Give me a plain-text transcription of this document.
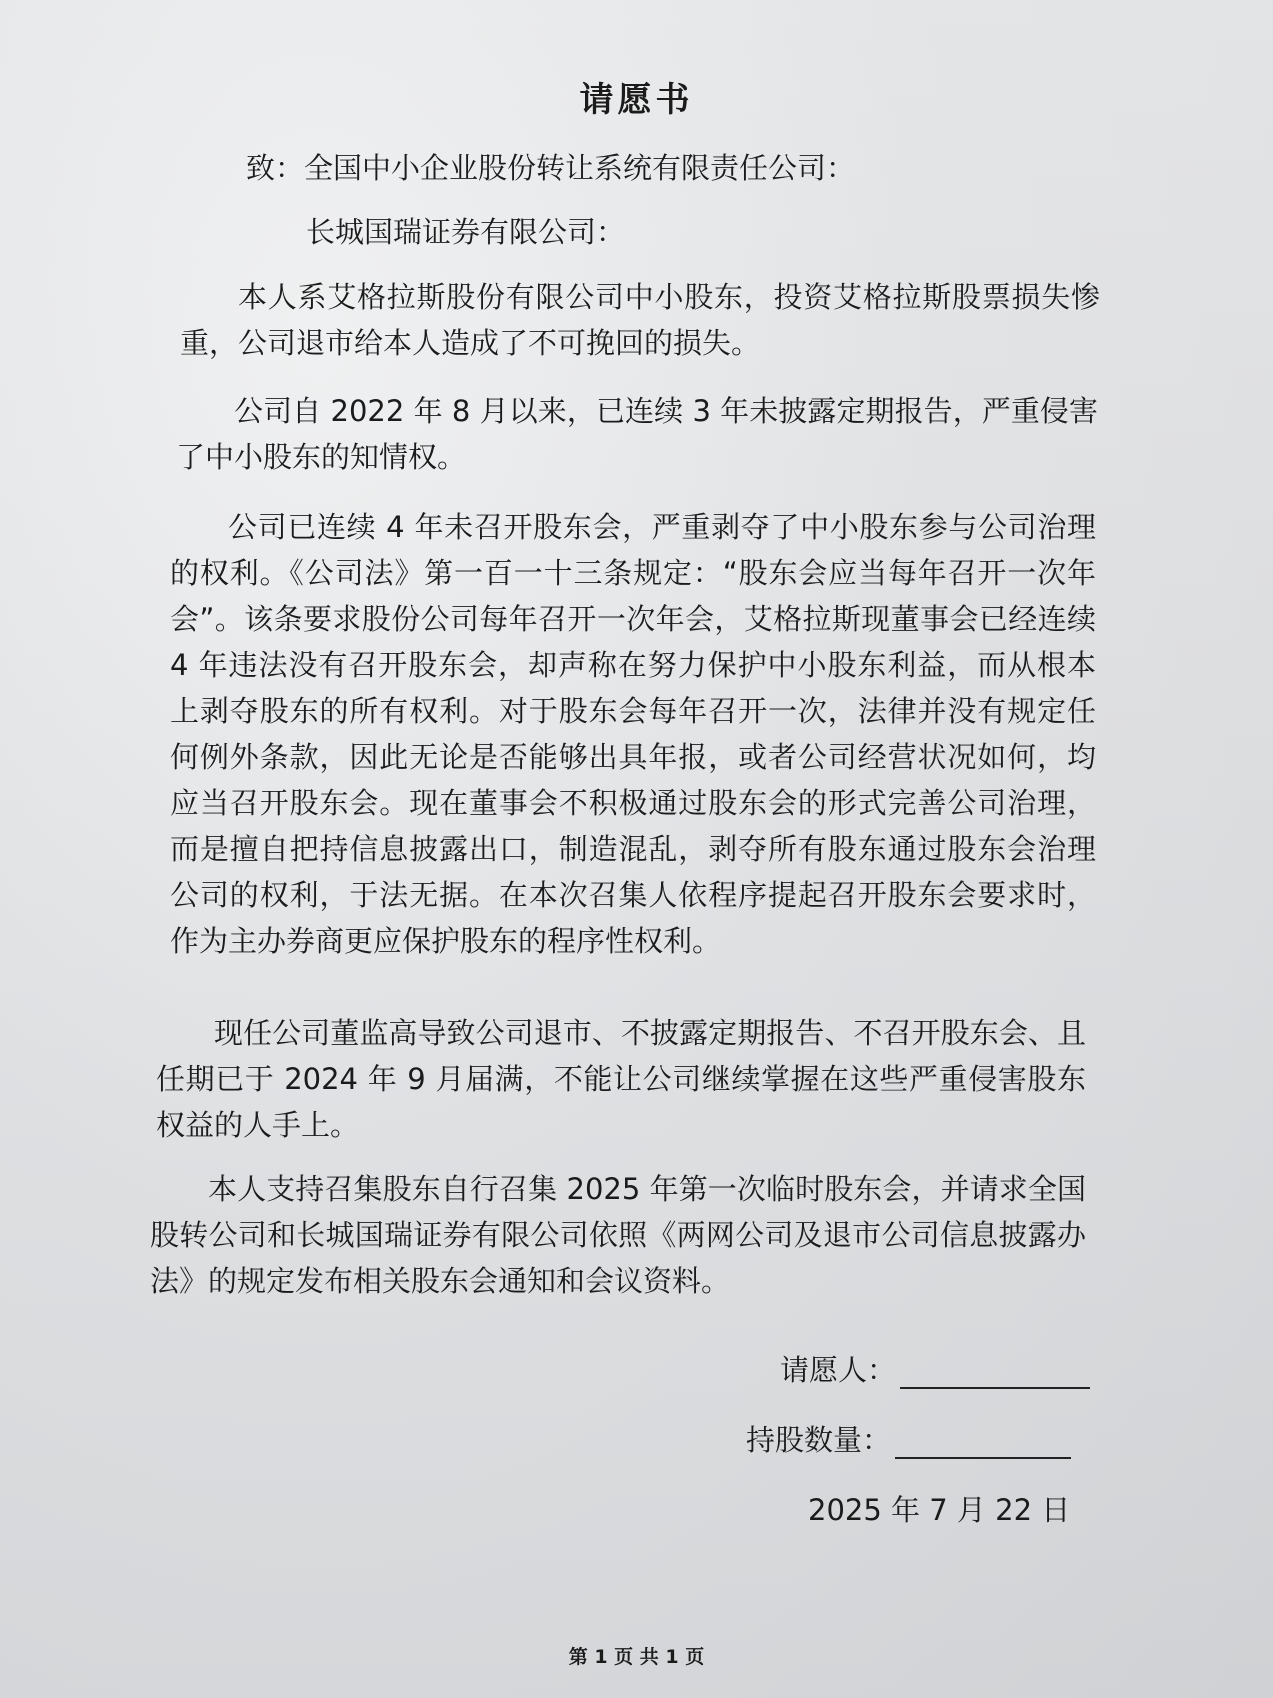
请愿书
致：全国中小企业股份转让系统有限责任公司：
长城国瑞证券有限公司：
本人系艾格拉斯股份有限公司中小股东，投资艾格拉斯股票损失惨重，公司退市给本人造成了不可挽回的损失。
公司自 2022 年 8 月以来，已连续 3 年未披露定期报告，严重侵害了中小股东的知情权。
公司已连续 4 年未召开股东会，严重剥夺了中小股东参与公司治理的权利。《公司法》第一百一十三条规定：“股东会应当每年召开一次年会”。该条要求股份公司每年召开一次年会，艾格拉斯现董事会已经连续 4 年违法没有召开股东会，却声称在努力保护中小股东利益，而从根本上剥夺股东的所有权利。对于股东会每年召开一次，法律并没有规定任何例外条款，因此无论是否能够出具年报，或者公司经营状况如何，均应当召开股东会。现在董事会不积极通过股东会的形式完善公司治理，而是擅自把持信息披露出口，制造混乱，剥夺所有股东通过股东会治理公司的权利，于法无据。在本次召集人依程序提起召开股东会要求时，作为主办券商更应保护股东的程序性权利。
现任公司董监高导致公司退市、不披露定期报告、不召开股东会、且任期已于 2024 年 9 月届满，不能让公司继续掌握在这些严重侵害股东权益的人手上。
本人支持召集股东自行召集 2025 年第一次临时股东会，并请求全国股转公司和长城国瑞证券有限公司依照《两网公司及退市公司信息披露办法》的规定发布相关股东会通知和会议资料。
请愿人：
持股数量：
2025 年 7 月 22 日
第 1 页 共 1 页
